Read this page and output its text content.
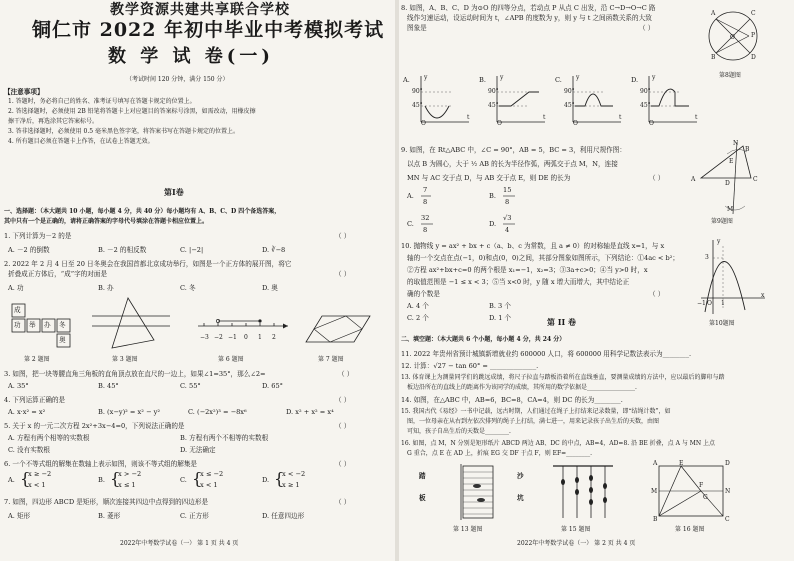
教学资源共建共享联合学校
铜仁市 2022 年初中毕业中考模拟考试
数 学 试 卷(一)
（考试时间 120 分钟，满分 150 分）
【注意事项】
1. 答题时，务必将自己的姓名、准考证号填写在答题卡规定的位置上。
2. 答选择题时，必须使用 2B 铅笔将答题卡上对应题目的答案标号涂黑，如需改动，用橡皮擦
擦干净后，再选涂其它答案标号。
3. 答非选择题时，必须使用 0.5 毫米黑色签字笔，将答案书写在答题卡规定的位置上。
4. 所有题目必须在答题卡上作答，在试卷上答题无效。
第Ⅰ卷
一、选择题：（本大题共 10 小题，每小题 4 分，共 40 分）每小题均有 A、B、C、D 四个备选答案，
其中只有一个是正确的，请将正确答案的字母代号填涂在答题卡相应位置上。
1. 下列计算为－2 的是	（ ）
A. －2 的倒数	B. －2 的相反数	C. |−2|	D. ∛−8
2. 2022 年 2 月 4 日至 20 日冬奥会在我国首都北京成功举行，如图是一个正方体的展开图，将它
折叠成正方体后，“成”字的对面是	（ ）
A. 功	B. 办	C. 冬	D. 奥
成
功 举 办 冬
奥	−3 −2 −1 0 1 2
第 2 题图	第 3 题图	第 6 题图	第 7 题图
3. 如图，把一块等腰直角三角板的直角顶点放在直尺的一边上，如果∠1=35°，那么∠2=	（ ）
A. 35°	B. 45°	C. 55°	D. 65°
4. 下列运算正确的是	（ ）
A. x·x² = x²	B. (x−y)² = x² − y²	C. (−2x²)³ = −8x⁶	D. x² + x² = x⁴
5. 关于 x 的一元二次方程 2x²+3x−4=0，下列说法正确的是	（ ）
A. 方程有两个相等的实数根	B. 方程有两个不相等的实数根
C. 没有实数根	D. 无法确定
6. 一个不等式组的解集在数轴上表示如图，则该不等式组的解集是	（ ）
A. {
x ≥ −2
x < 1
B. {
x > −2
x ≤ 1
C. {
x ≤ −2
x < 1
D. {
x < −2
x ≥ 1
7. 如图，四边形 ABCD 是矩形，顺次连接其四边中点得到的四边形是	（ ）
A. 矩形	B. 菱形	C. 正方形	D. 任意四边形
2022年中考数学试卷（一） 第 1 页 共 4 页
8. 如图，A、B、C、D 为⊙O 的四等分点，若动点 P 从点 C 出发，沿 C→D→O→C 路
线作匀速运动，设运动时间为 t，∠APB 的度数为 y，则 y 与 t 之间函数关系的大致
图象是	（ ）
A
B
C
D
O	P
第8题图
A.	B.	C.	D.
O	O	O	O
90°
45°
90°
45°
90°
45°
90°
45°
y	y	y	y
t	t	t	t
9. 如图，在 Rt△ABC 中，∠C = 90°，AB = 5，BC = 3，利用尺规作图：
以点 B 为圆心，大于 ½ AB 的长为半径作弧，两弧交于点 M，N，连接
MN 与 AC 交于点 D，与 AB 交于点 E，则 DE 的长为	（ ）
A.
7
8
B.
15
8
C.
32
8
D.
√3
4
N
B
E
D
A	C
M
第9题图
10. 抛物线 y = ax² + bx + c（a、b、c 为常数，且 a ≠ 0）的对称轴是直线 x=1，与 x
轴的一个交点在点(−1，0)和点(0，0)之间，其部分图象如图所示，下列结论：①4ac < b²；
②方程 ax²+bx+c=0 的两个根是 x₁=−1，x₂=3；③3a+c>0；④当 y>0 时，x
的取值范围是 −1 ≤ x < 3；⑤当 x<0 时，y 随 x 增大而增大，其中结论正
确的个数是	（ ）
A. 4 个	B. 3 个
C. 2 个	D. 1 个
y
x
3
−1 O 1
第10题图
第 II 卷
二、填空题：（本大题共 6 个小题，每小题 4 分，共 24 分）
11. 2022 年贵州省预计城镇新增就业约 600000 人口，将 600000 用科学记数法表示为________.
12. 计算：√27 − tan 60° = ______________.
13. 体育课上为测量同学们的跳远成绩，将尺子拉直与踏板沿着所在直线垂直，要测量成绩的方法中，应以最后的脚印与踏
板边沿所在的直线上的距离作为该同学的成绩，其所用的数学依据是________________.
14. 如图，在△ABC 中，AB=6，BC=8，CA=4，则 DC 的长为________.
15. 我国古代《易经》一书中记载，远古时期，人们通过在绳子上打结来记录数量，即“结绳计数”，如
图，一位母亲在从右到左依次排列的绳子上打结，满七进一，用来记录孩子出生后的天数，由图
可知，孩子自出生后的天数是________.
16. 如图，点 M，N 分别是矩形纸片 ABCD 两边 AB、DC 的中点，AB=4，AD=8. 沿 BE 折叠，点 A 与 MN 上点
G 重合，点 E 在 AD 上，折痕 EG 交 DF 于点 F，则 EF=________.
踏
板
沙
坑
A	E	D
M	N
B	C
F
G
第 13 题图	第 15 题图	第 16 题图
2022年中考数学试卷（一） 第 2 页 共 4 页
